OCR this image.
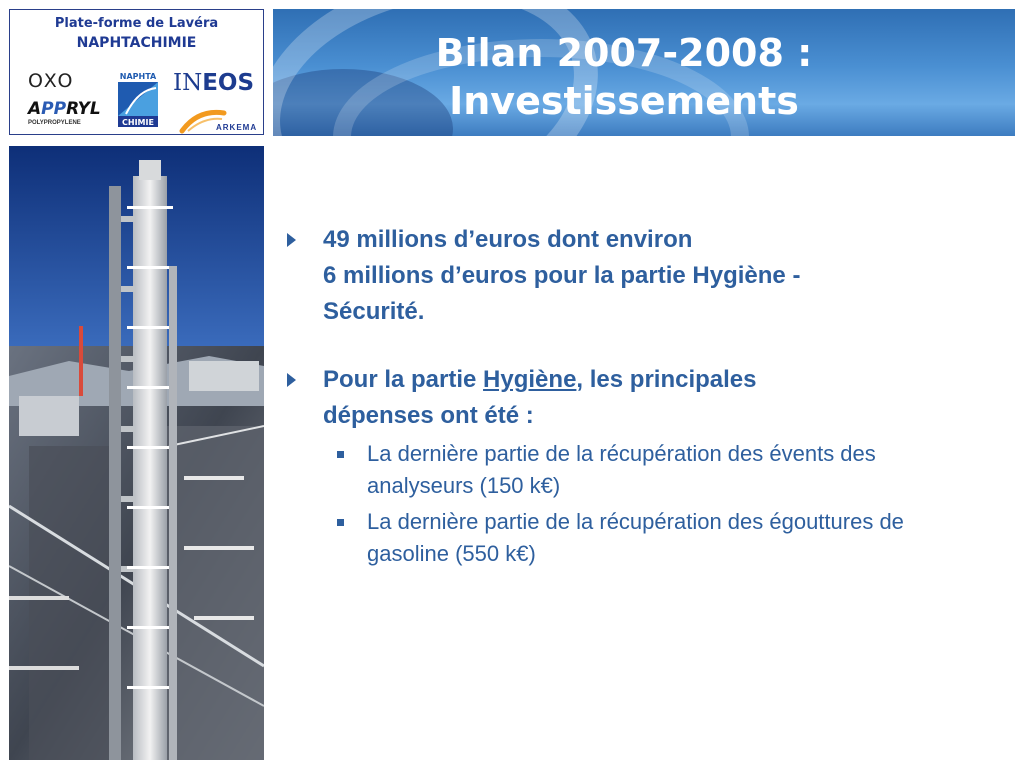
Plate-forme de Lavéra
NAPHTACHIMIE
OXO
APPRYL
POLYPROPYLENE
NAPHTA
CHIMIE
INEOS
ARKEMA
Bilan 2007-2008 :
Investissements
49 millions d’euros dont environ
6 millions d’euros pour la partie Hygiène -
Sécurité.
Pour la partie Hygiène, les principales
dépenses ont été :
La dernière partie de la récupération des évents des
analyseurs (150 k€)
La dernière partie de la récupération des égouttures de
gasoline (550 k€)
